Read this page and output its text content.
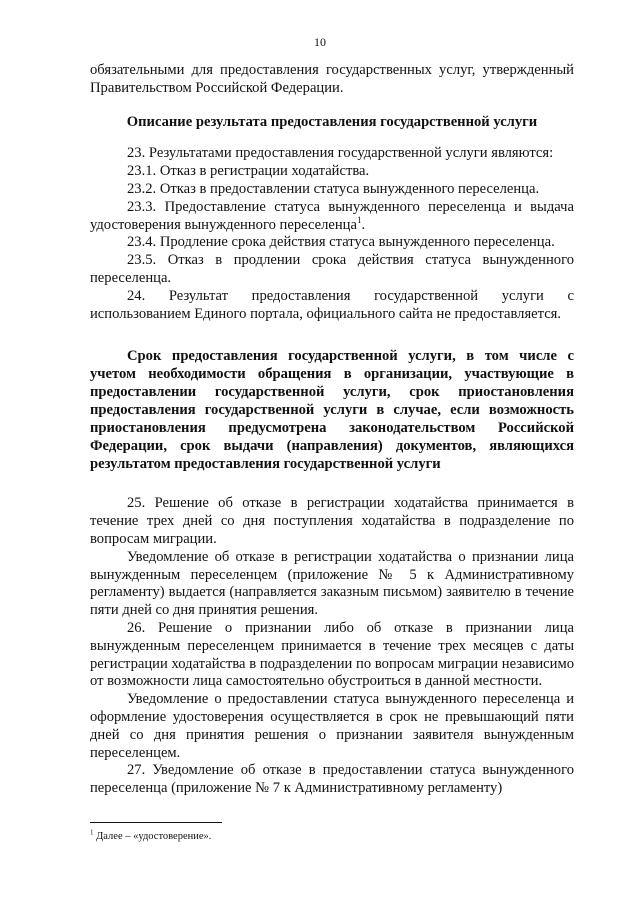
10

обязательными для предоставления государственных услуг, утвержденный Правительством Российской Федерации.

Описание результата предоставления государственной услуги

23. Результатами предоставления государственной услуги являются:

23.1. Отказ в регистрации ходатайства.

23.2. Отказ в предоставлении статуса вынужденного переселенца.

23.3. Предоставление статуса вынужденного переселенца и выдача удостоверения вынужденного переселенца$^1$.

23.4. Продление срока действия статуса вынужденного переселенца.

23.5. Отказ в продлении срока действия статуса вынужденного переселенца.

24. Результат предоставления государственной услуги с использованием Единого портала, официального сайта не предоставляется.

Срок предоставления государственной услуги, в том числе с учетом необходимости обращения в организации, участвующие в предоставлении государственной услуги, срок приостановления предоставления государственной услуги в случае, если возможность приостановления предусмотрена законодательством Российской Федерации, срок выдачи (направления) документов, являющихся результатом предоставления государственной услуги

25. Решение об отказе в регистрации ходатайства принимается в течение трех дней со дня поступления ходатайства в подразделение по вопросам миграции.

Уведомление об отказе в регистрации ходатайства о признании лица вынужденным переселенцем (приложение № 5 к Административному регламенту) выдается (направляется заказным письмом) заявителю в течение пяти дней со дня принятия решения.

26. Решение о признании либо об отказе в признании лица вынужденным переселенцем принимается в течение трех месяцев с даты регистрации ходатайства в подразделении по вопросам миграции независимо от возможности лица самостоятельно обустроиться в данной местности.

Уведомление о предоставлении статуса вынужденного переселенца и оформление удостоверения осуществляется в срок не превышающий пяти дней со дня принятия решения о признании заявителя вынужденным переселенцем.

27. Уведомление об отказе в предоставлении статуса вынужденного переселенца (приложение № 7 к Административному регламенту)

$^1$ Далее – «удостоверение».
